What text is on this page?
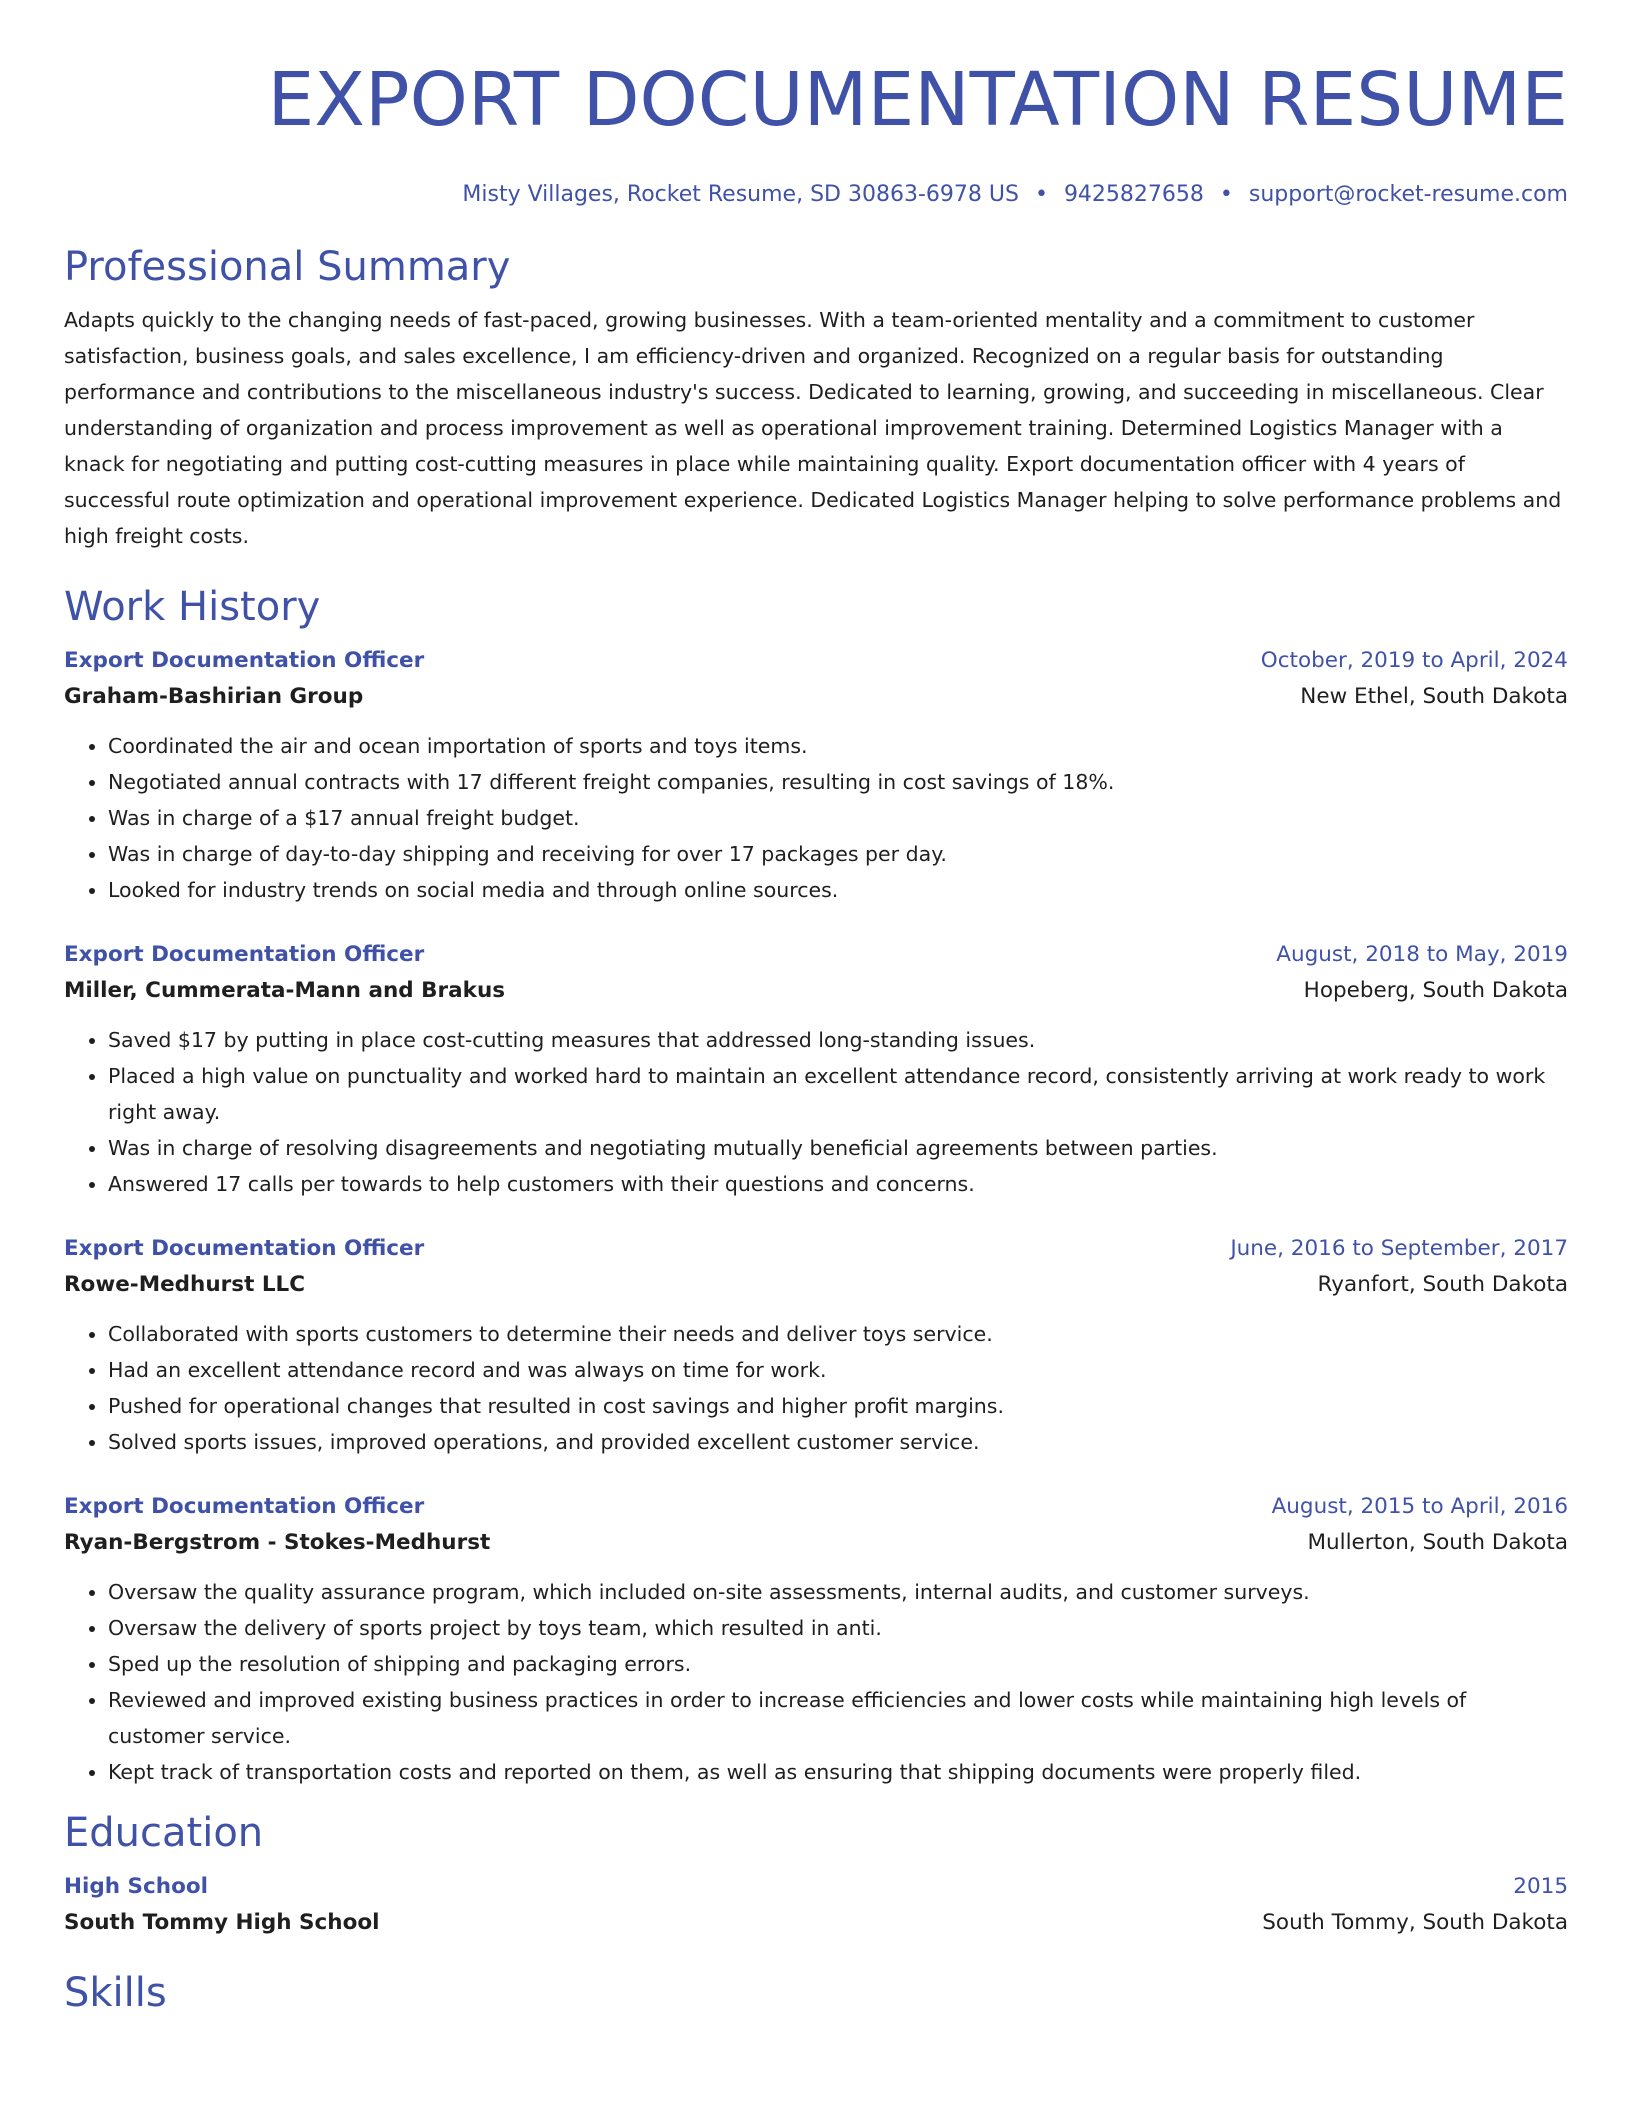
EXPORT DOCUMENTATION RESUME
Misty Villages, Rocket Resume, SD 30863-6978 US • 9425827658 • support@rocket-resume.com
Professional Summary

Adapts quickly to the changing needs of fast-paced, growing businesses. With a team-oriented mentality and a commitment to customer satisfaction, business goals, and sales excellence, I am efficiency-driven and organized. Recognized on a regular basis for outstanding performance and contributions to the miscellaneous industry's success. Dedicated to learning, growing, and succeeding in miscellaneous. Clear understanding of organization and process improvement as well as operational improvement training. Determined Logistics Manager with a knack for negotiating and putting cost-cutting measures in place while maintaining quality. Export documentation officer with 4 years of successful route optimization and operational improvement experience. Dedicated Logistics Manager helping to solve performance problems and high freight costs.

Work History
Export Documentation Officer	October, 2019 to April, 2024
Graham-Bashirian Group	New Ethel, South Dakota
• Coordinated the air and ocean importation of sports and toys items.
• Negotiated annual contracts with 17 different freight companies, resulting in cost savings of 18%.
• Was in charge of a $17 annual freight budget.
• Was in charge of day-to-day shipping and receiving for over 17 packages per day.
• Looked for industry trends on social media and through online sources.
Export Documentation Officer	August, 2018 to May, 2019
Miller, Cummerata-Mann and Brakus	Hopeberg, South Dakota
• Saved $17 by putting in place cost-cutting measures that addressed long-standing issues.
• Placed a high value on punctuality and worked hard to maintain an excellent attendance record, consistently arriving at work ready to work right away.
• Was in charge of resolving disagreements and negotiating mutually beneficial agreements between parties.
• Answered 17 calls per towards to help customers with their questions and concerns.
Export Documentation Officer	June, 2016 to September, 2017
Rowe-Medhurst LLC	Ryanfort, South Dakota
• Collaborated with sports customers to determine their needs and deliver toys service.
• Had an excellent attendance record and was always on time for work.
• Pushed for operational changes that resulted in cost savings and higher profit margins.
• Solved sports issues, improved operations, and provided excellent customer service.
Export Documentation Officer	August, 2015 to April, 2016
Ryan-Bergstrom - Stokes-Medhurst	Mullerton, South Dakota
• Oversaw the quality assurance program, which included on-site assessments, internal audits, and customer surveys.
• Oversaw the delivery of sports project by toys team, which resulted in anti.
• Sped up the resolution of shipping and packaging errors.
• Reviewed and improved existing business practices in order to increase efficiencies and lower costs while maintaining high levels of customer service.
• Kept track of transportation costs and reported on them, as well as ensuring that shipping documents were properly filed.
Education
High School	2015
South Tommy High School	South Tommy, South Dakota
Skills
